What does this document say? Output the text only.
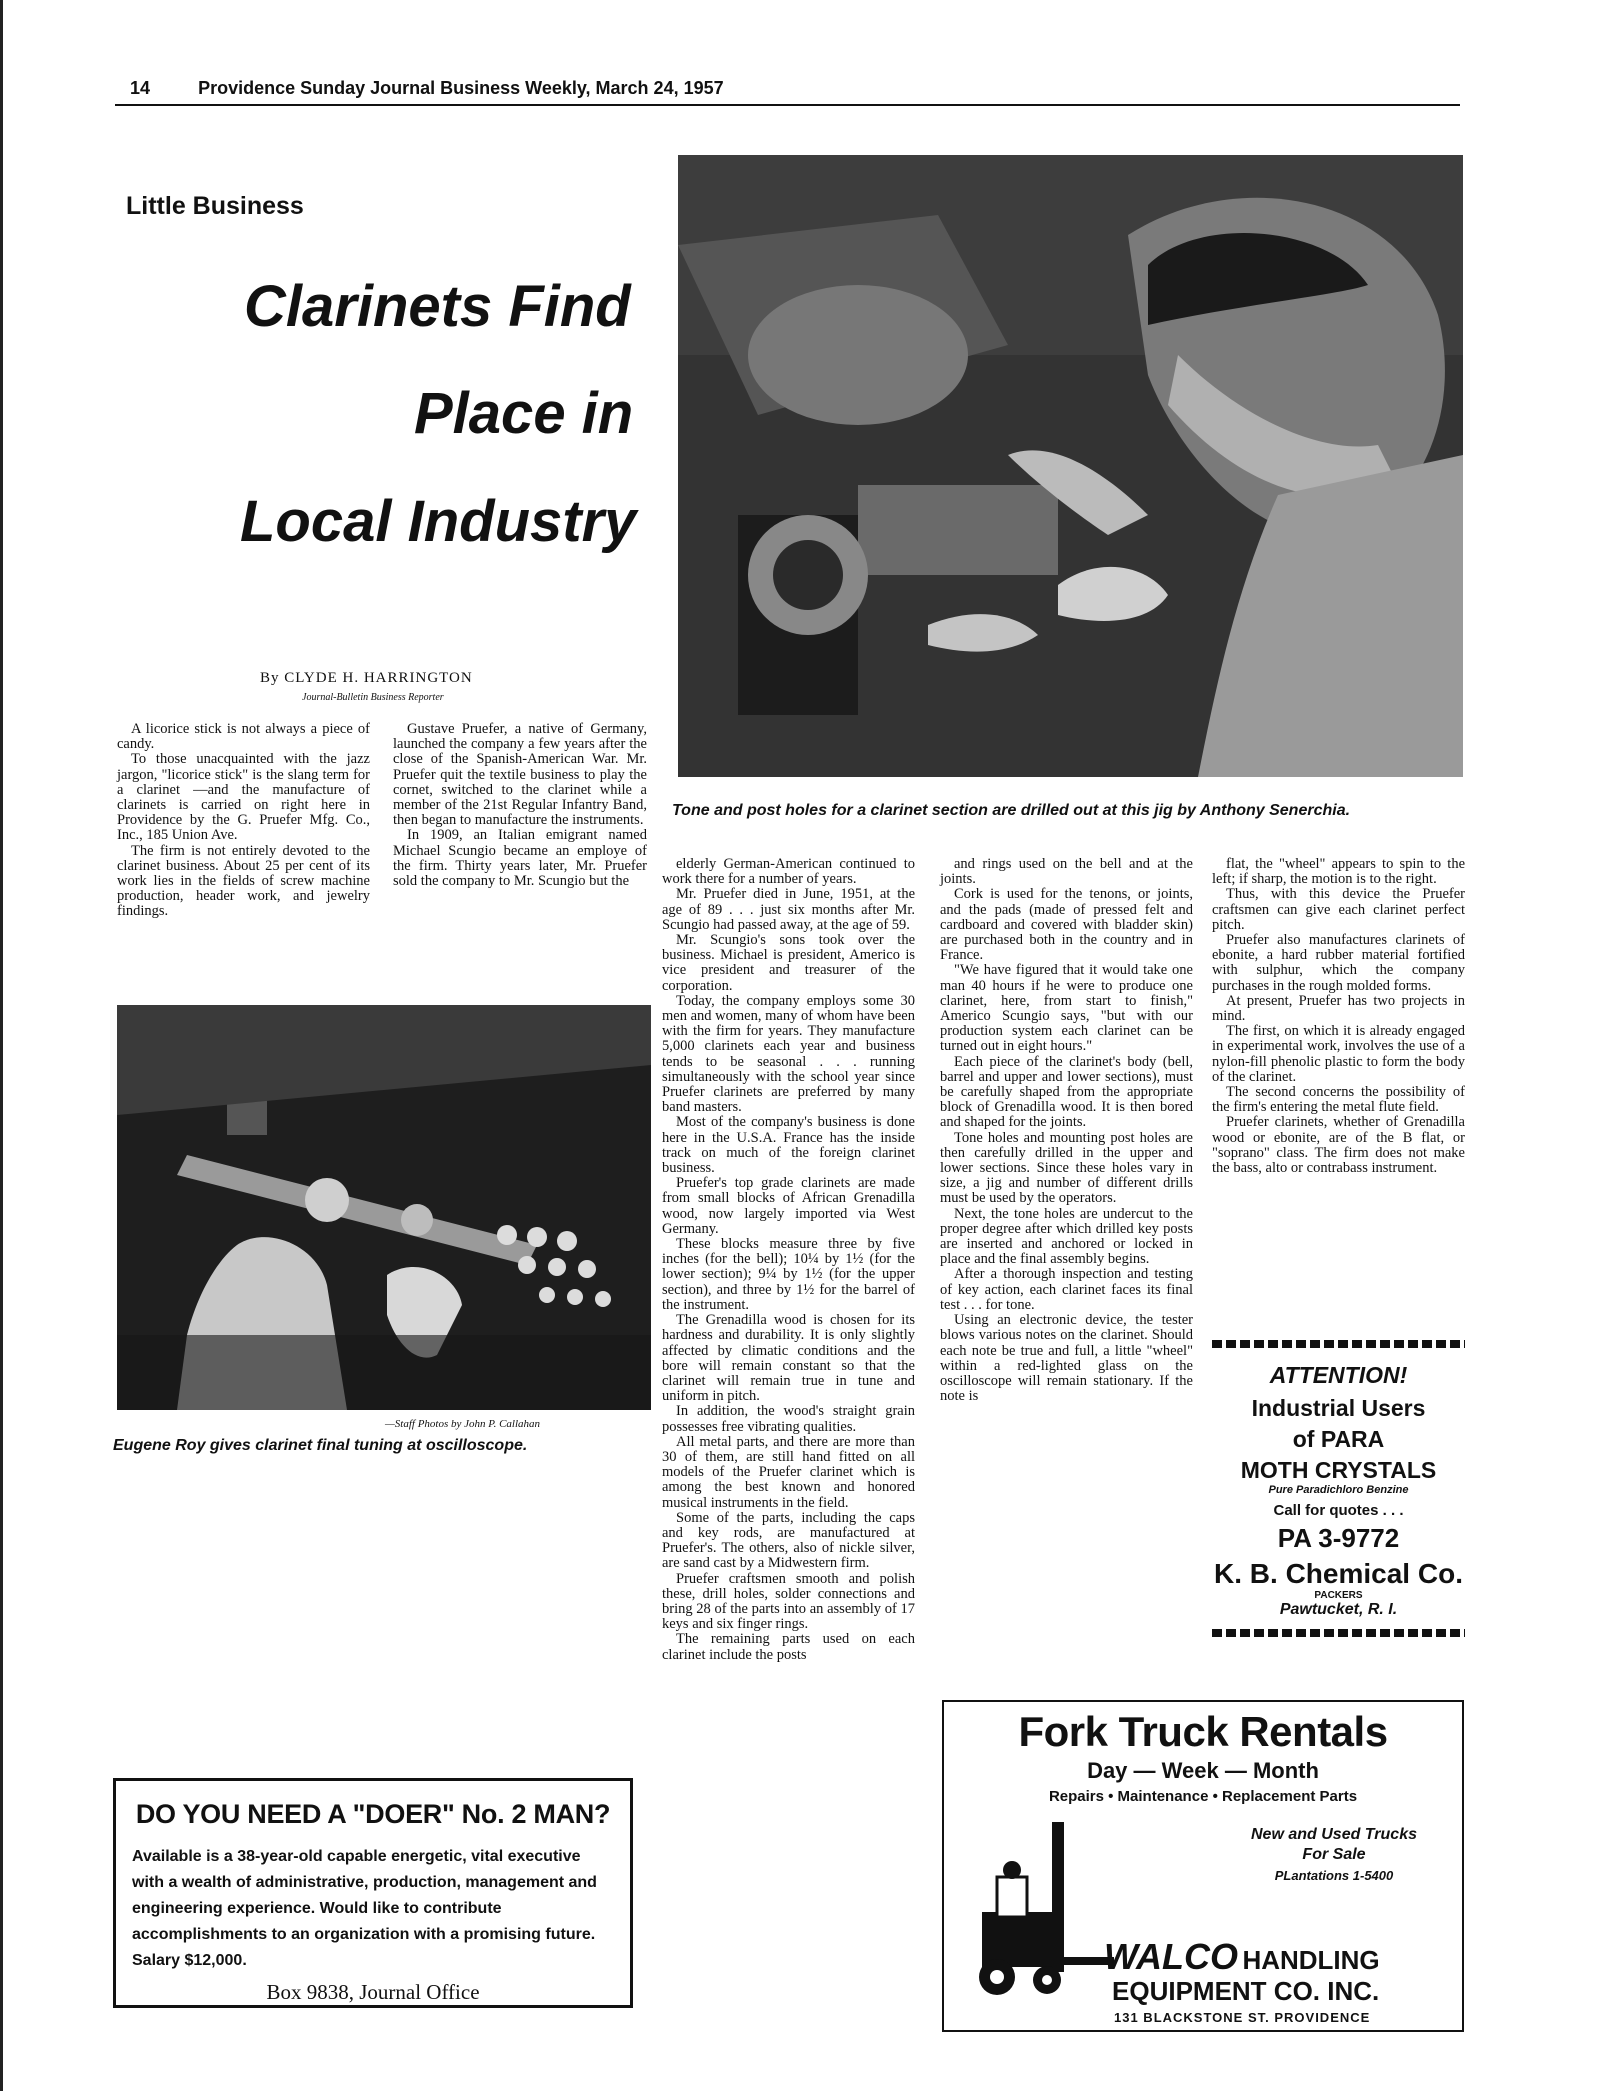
14	Providence Sunday Journal Business Weekly, March 24, 1957
Little Business
Clarinets Find
Place in
Local Industry
By CLYDE H. HARRINGTON
Journal-Bulletin Business Reporter
Tone and post holes for a clarinet section are drilled out at this jig by Anthony Senerchia.

A licorice stick is not always a piece of candy.

To those unacquainted with the jazz jargon, "licorice stick" is the slang term for a clarinet —and the manufacture of clarinets is carried on right here in Providence by the G. Pruefer Mfg. Co., Inc., 185 Union Ave.

The firm is not entirely devoted to the clarinet business. About 25 per cent of its work lies in the fields of screw machine production, header work, and jewelry findings.

Gustave Pruefer, a native of Germany, launched the company a few years after the close of the Spanish-American War. Mr. Pruefer quit the textile business to play the cornet, switched to the clarinet while a member of the 21st Regular Infantry Band, then began to manufacture the instruments.

In 1909, an Italian emigrant named Michael Scungio became an employe of the firm. Thirty years later, Mr. Pruefer sold the company to Mr. Scungio but the

—Staff Photos by John P. Callahan
Eugene Roy gives clarinet final tuning at oscilloscope.

elderly German-American continued to work there for a number of years.

Mr. Pruefer died in June, 1951, at the age of 89 . . . just six months after Mr. Scungio had passed away, at the age of 59.

Mr. Scungio's sons took over the business. Michael is president, Americo is vice president and treasurer of the corporation.

Today, the company employs some 30 men and women, many of whom have been with the firm for years. They manufacture 5,000 clarinets each year and business tends to be seasonal . . . running simultaneously with the school year since Pruefer clarinets are preferred by many band masters.

Most of the company's business is done here in the U.S.A. France has the inside track on much of the foreign clarinet business.

Pruefer's top grade clarinets are made from small blocks of African Grenadilla wood, now largely imported via West Germany.

These blocks measure three by five inches (for the bell); 10¼ by 1½ (for the lower section); 9¼ by 1½ (for the upper section), and three by 1½ for the barrel of the instrument.

The Grenadilla wood is chosen for its hardness and durability. It is only slightly affected by climatic conditions and the bore will remain constant so that the clarinet will remain true in tune and uniform in pitch.

In addition, the wood's straight grain possesses free vibrating qualities.

All metal parts, and there are more than 30 of them, are still hand fitted on all models of the Pruefer clarinet which is among the best known and honored musical instruments in the field.

Some of the parts, including the caps and key rods, are manufactured at Pruefer's. The others, also of nickle silver, are sand cast by a Midwestern firm.

Pruefer craftsmen smooth and polish these, drill holes, solder connections and bring 28 of the parts into an assembly of 17 keys and six finger rings.

The remaining parts used on each clarinet include the posts

and rings used on the bell and at the joints.

Cork is used for the tenons, or joints, and the pads (made of pressed felt and cardboard and covered with bladder skin) are purchased both in the country and in France.

"We have figured that it would take one man 40 hours if he were to produce one clarinet, here, from start to finish," Americo Scungio says, "but with our production system each clarinet can be turned out in eight hours."

Each piece of the clarinet's body (bell, barrel and upper and lower sections), must be carefully shaped from the appropriate block of Grenadilla wood. It is then bored and shaped for the joints.

Tone holes and mounting post holes are then carefully drilled in the upper and lower sections. Since these holes vary in size, a jig and number of different drills must be used by the operators.

Next, the tone holes are undercut to the proper degree after which drilled key posts are inserted and anchored or locked in place and the final assembly begins.

After a thorough inspection and testing of key action, each clarinet faces its final test . . . for tone.

Using an electronic device, the tester blows various notes on the clarinet. Should each note be true and full, a little "wheel" within a red-lighted glass on the oscilloscope will remain stationary. If the note is

flat, the "wheel" appears to spin to the left; if sharp, the motion is to the right.

Thus, with this device the Pruefer craftsmen can give each clarinet perfect pitch.

Pruefer also manufactures clarinets of ebonite, a hard rubber material fortified with sulphur, which the company purchases in the rough molded forms.

At present, Pruefer has two projects in mind.

The first, on which it is already engaged in experimental work, involves the use of a nylon-fill phenolic plastic to form the body of the clarinet.

The second concerns the possibility of the firm's entering the metal flute field.

Pruefer clarinets, whether of Grenadilla wood or ebonite, are of the B flat, or "soprano" class. The firm does not make the bass, alto or contrabass instrument.

ATTENTION!
Industrial Users
of PARA
MOTH CRYSTALS
Pure Paradichloro Benzine
Call for quotes . . .
PA 3-9772
K. B. Chemical Co.
PACKERS
Pawtucket, R. I.
Fork Truck Rentals
Day — Week — Month
Repairs • Maintenance • Replacement Parts
New and Used Trucks
For Sale
PLantations 1-5400
WALCO HANDLING
EQUIPMENT CO. INC.
131 BLACKSTONE ST. PROVIDENCE
DO YOU NEED A "DOER" No. 2 MAN?
Available is a 38-year-old capable energetic, vital executive with a wealth of administrative, production, management and engineering experience. Would like to contribute accomplishments to an organization with a promising future. Salary $12,000.
Box 9838, Journal Office
